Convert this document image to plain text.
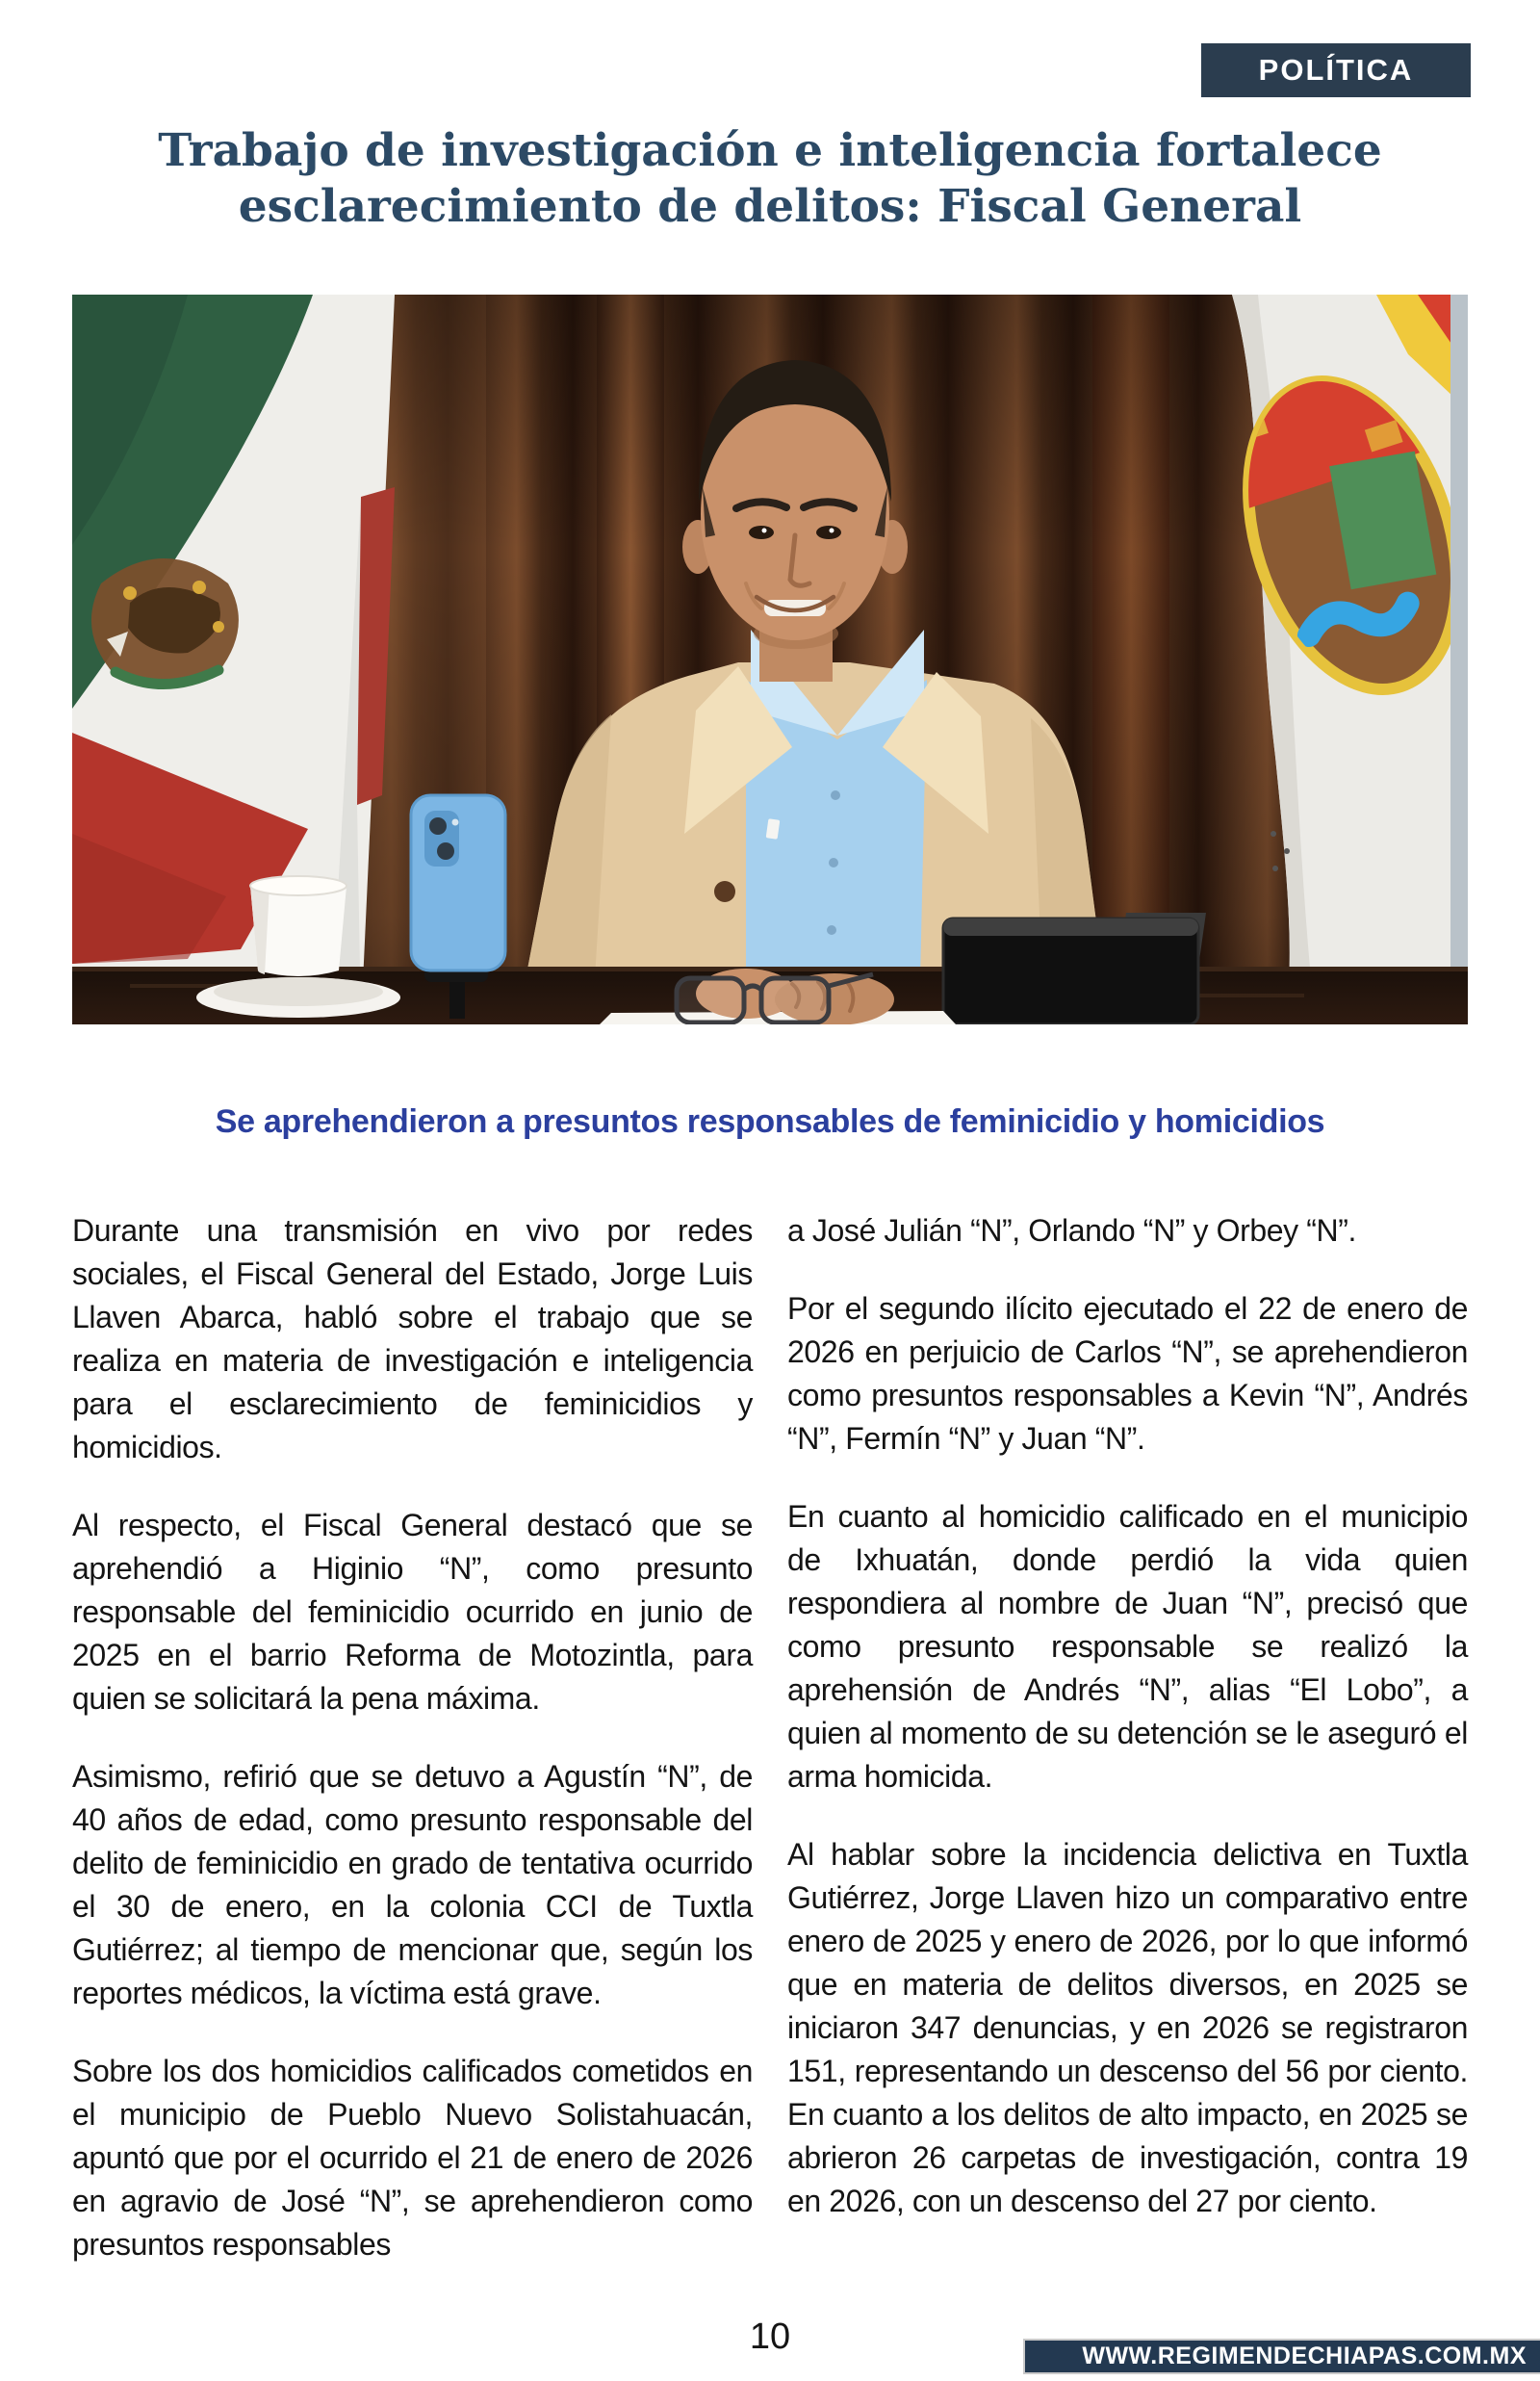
POLÍTICA
Trabajo de investigación e inteligencia fortalece
esclarecimiento de delitos: Fiscal General
Se aprehendieron a presuntos responsables de feminicidio y homicidios

Durante una transmisión en vivo por redes sociales, el Fiscal General del Estado, Jorge Luis Llaven Abarca, habló sobre el trabajo que se realiza en materia de investigación e inteligencia para el esclarecimiento de feminicidios y homicidios.

Al respecto, el Fiscal General destacó que se aprehendió a Higinio “N”, como presunto responsable del feminicidio ocurrido en junio de 2025 en el barrio Reforma de Motozintla, para quien se solicitará la pena máxima.

Asimismo, refirió que se detuvo a Agustín “N”, de 40 años de edad, como presunto responsable del delito de feminicidio en grado de tentativa ocurrido el 30 de enero, en la colonia CCI de Tuxtla Gutiérrez; al tiempo de mencionar que, según los reportes médicos, la víctima está grave.

Sobre los dos homicidios calificados cometidos en el municipio de Pueblo Nuevo Solistahuacán, apuntó que por el ocurrido el 21 de enero de 2026 en agravio de José “N”, se aprehendieron como presuntos responsables

a José Julián “N”, Orlando “N” y Orbey “N”.

Por el segundo ilícito ejecutado el 22 de enero de 2026 en perjuicio de Carlos “N”, se aprehendieron como presuntos responsables a Kevin “N”, Andrés “N”, Fermín “N” y Juan “N”.

En cuanto al homicidio calificado en el municipio de Ixhuatán, donde perdió la vida quien respondiera al nombre de Juan “N”, precisó que como presunto responsable se realizó la aprehensión de Andrés “N”, alias “El Lobo”, a quien al momento de su detención se le aseguró el arma homicida.

Al hablar sobre la incidencia delictiva en Tuxtla Gutiérrez, Jorge Llaven hizo un comparativo entre enero de 2025 y enero de 2026, por lo que informó que en materia de delitos diversos, en 2025 se iniciaron 347 denuncias, y en 2026 se registraron 151, representando un descenso del 56 por ciento. En cuanto a los delitos de alto impacto, en 2025 se abrieron 26 carpetas de investigación, contra 19 en 2026, con un descenso del 27 por ciento.

10	WWW.REGIMENDECHIAPAS.COM.MX
